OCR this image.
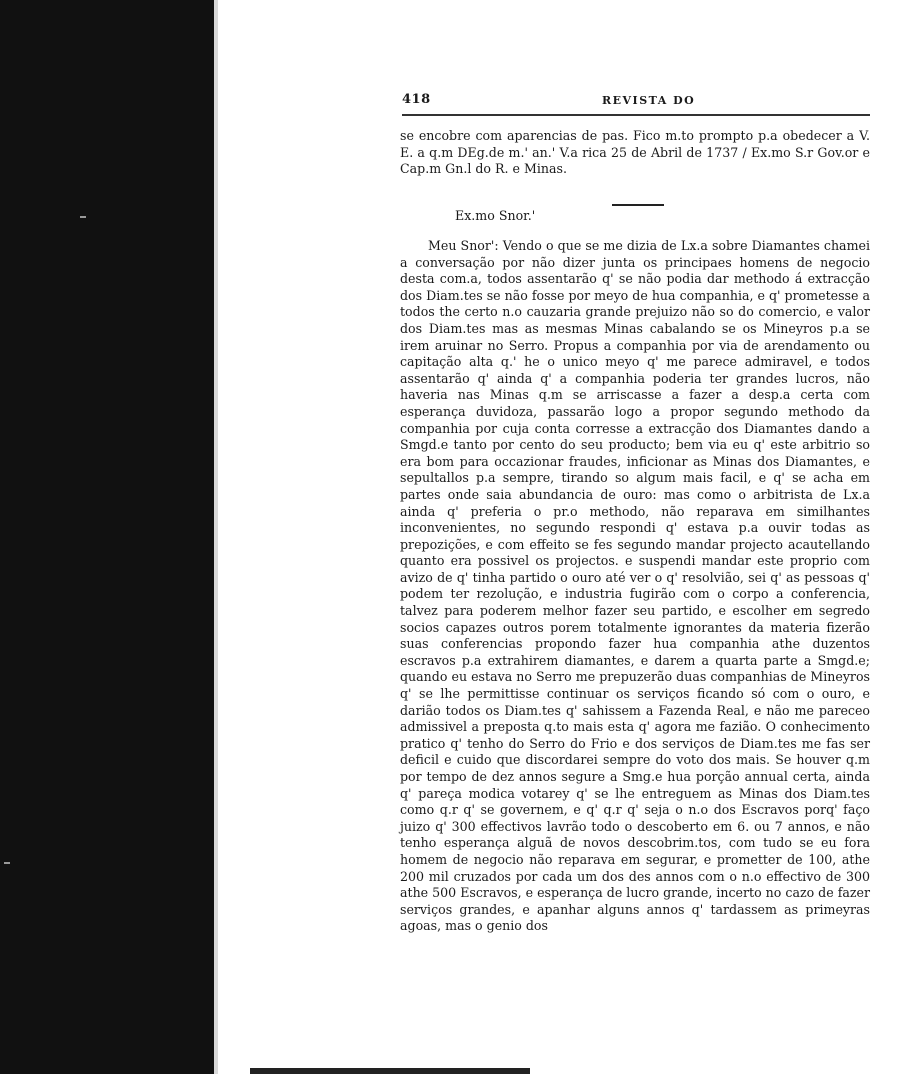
418	REVISTA DO
se encobre com aparencias de pas. Fico m.to prompto p.a obedecer a V. E. a q.m DEg.de m.' an.' V.a rica 25 de Abril de 1737 / Ex.mo S.r Gov.or e Cap.m Gn.l do R. e Minas.
Ex.mo Snor.'
Meu Snor': Vendo o que se me dizia de Lx.a sobre Diamantes chamei a conversação por não dizer junta os principaes homens de negocio desta com.a, todos assentarão q' se não podia dar methodo á extracção dos Diam.tes se não fosse por meyo de hua companhia, e q' prometesse a todos the certo n.o cauzaria grande prejuizo não so do comercio, e valor dos Diam.tes mas as mesmas Minas cabalando se os Mineyros p.a se irem aruinar no Serro. Propus a companhia por via de arendamento ou capitação alta q.' he o unico meyo q' me parece admiravel, e todos assentarão q' ainda q' a companhia poderia ter grandes lucros, não haveria nas Minas q.m se arriscasse a fazer a desp.a certa com esperança duvidoza, passarão logo a propor segundo methodo da companhia por cuja conta corresse a extracção dos Diamantes dando a Smgd.e tanto por cento do seu producto; bem via eu q' este arbitrio so era bom para occazionar fraudes, inficionar as Minas dos Diamantes, e sepultallos p.a sempre, tirando so algum mais facil, e q' se acha em partes onde saia abundancia de ouro: mas como o arbitrista de Lx.a ainda q' preferia o pr.o methodo, não reparava em similhantes inconvenientes, no segundo respondi q' estava p.a ouvir todas as prepozições, e com effeito se fes segundo mandar projecto acautellando quanto era possivel os projectos. e suspendi mandar este proprio com avizo de q' tinha partido o ouro até ver o q' resolvião, sei q' as pessoas q' podem ter rezolução, e industria fugirão com o corpo a conferencia, talvez para poderem melhor fazer seu partido, e escolher em segredo socios capazes outros porem totalmente ignorantes da materia fizerão suas conferencias propondo fazer hua companhia athe duzentos escravos p.a extrahirem diamantes, e darem a quarta parte a Smgd.e; quando eu estava no Serro me prepuzerão duas companhias de Mineyros q' se lhe permittisse continuar os serviços ficando só com o ouro, e darião todos os Diam.tes q' sahissem a Fazenda Real, e não me pareceo admissivel a preposta q.to mais esta q' agora me fazião. O conhecimento pratico q' tenho do Serro do Frio e dos serviços de Diam.tes me fas ser deficil e cuido que discordarei sempre do voto dos mais. Se houver q.m por tempo de dez annos segure a Smg.e hua porção annual certa, ainda q' pareça modica votarey q' se lhe entreguem as Minas dos Diam.tes como q.r q' se governem, e q' q.r q' seja o n.o dos Escravos porq' faço juizo q' 300 effectivos lavrão todo o descoberto em 6. ou 7 annos, e não tenho esperança alguã de novos descobrim.tos, com tudo se eu fora homem de negocio não reparava em segurar, e prometter de 100, athe 200 mil cruzados por cada um dos des annos com o n.o effectivo de 300 athe 500 Escravos, e esperança de lucro grande, incerto no cazo de fazer serviços grandes, e apanhar alguns annos q' tardassem as primeyras agoas, mas o genio dos
